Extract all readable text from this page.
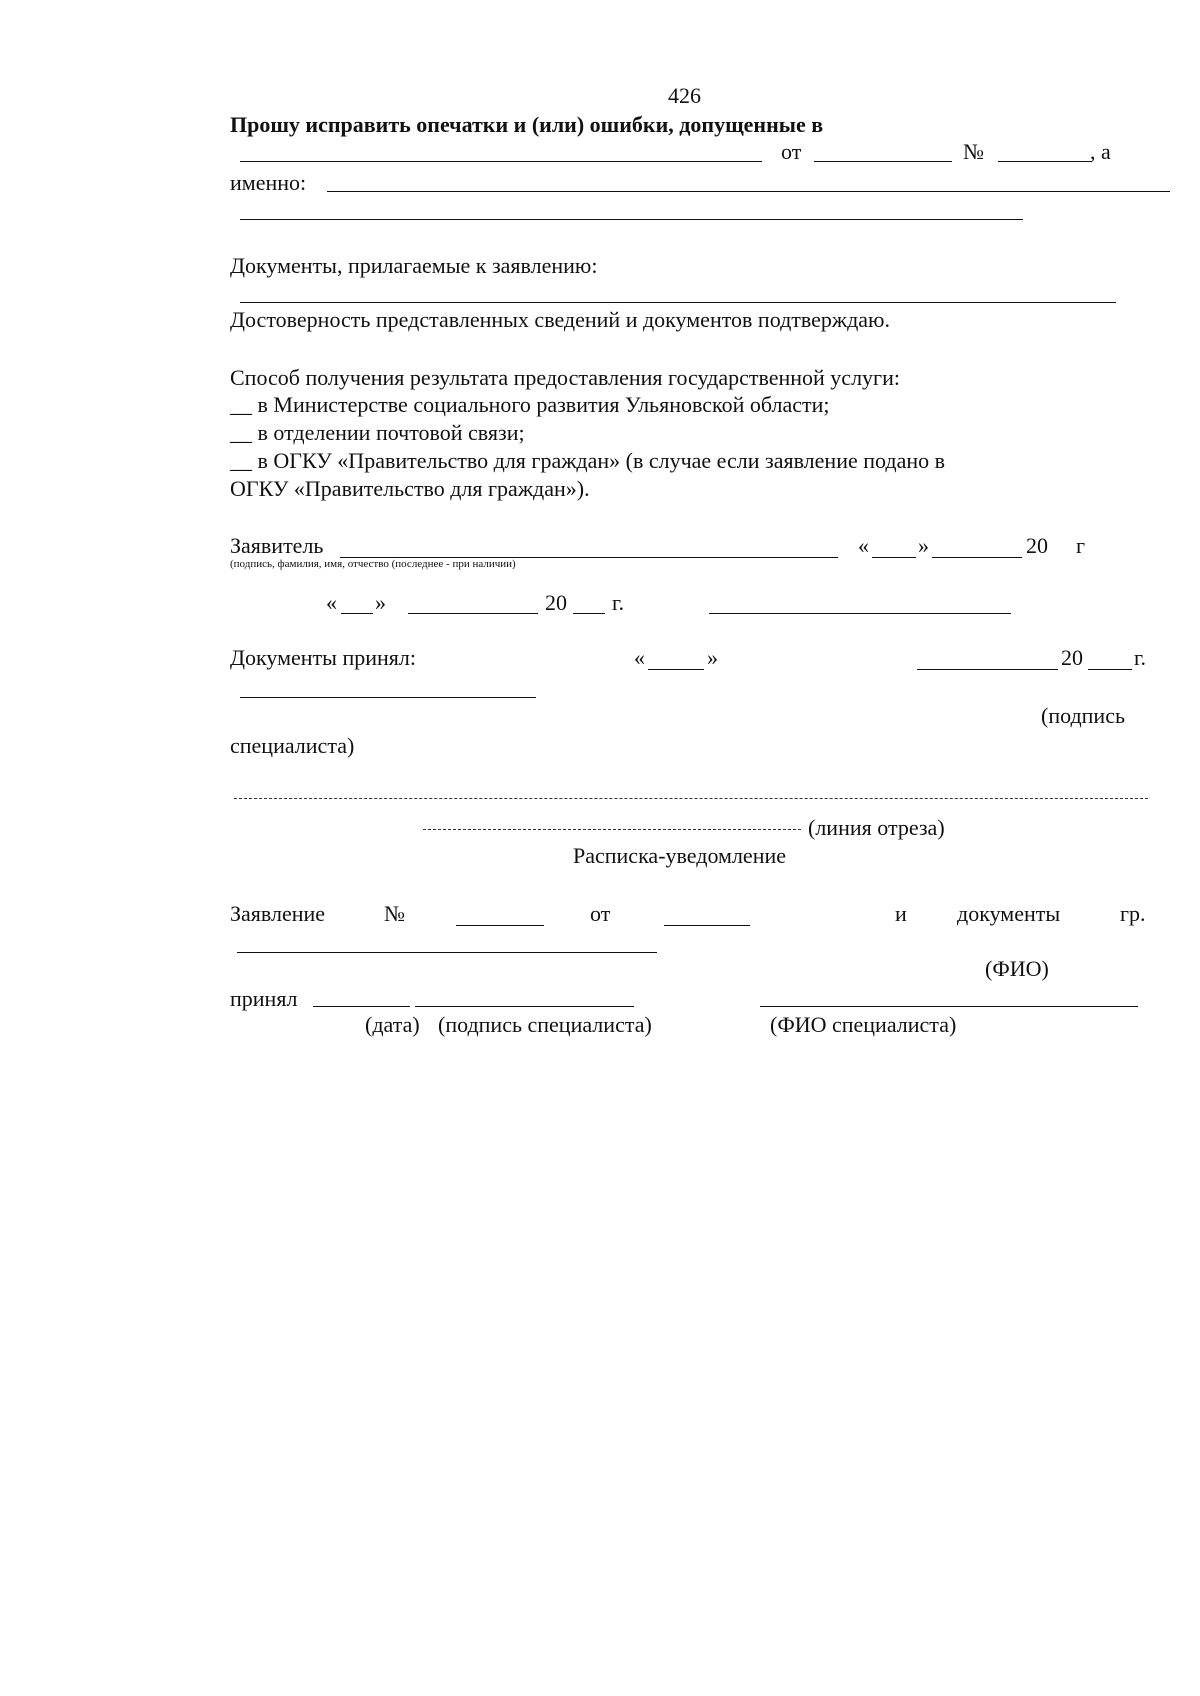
426
Прошу исправить опечатки и (или) ошибки, допущенные в
от	№	, а
именно:
Документы, прилагаемые к заявлению:
Достоверность представленных сведений и документов подтверждаю.
Способ получения результата предоставления государственной услуги:
__ в Министерстве социального развития Ульяновской области;
__ в отделении почтовой связи;
__ в ОГКУ «Правительство для граждан» (в случае если заявление подано в
ОГКУ «Правительство для граждан»).
Заявитель
(подпись, фамилия, имя, отчество (последнее - при наличии)
« »	20 г
« »	20 г.
Документы принял:	«	»	20 г.
(подпись
специалиста)
(линия отреза)
Расписка-уведомление
Заявление	№	от	и документы	гр.
(ФИО)
принял
(дата) (подпись специалиста)	(ФИО специалиста)
